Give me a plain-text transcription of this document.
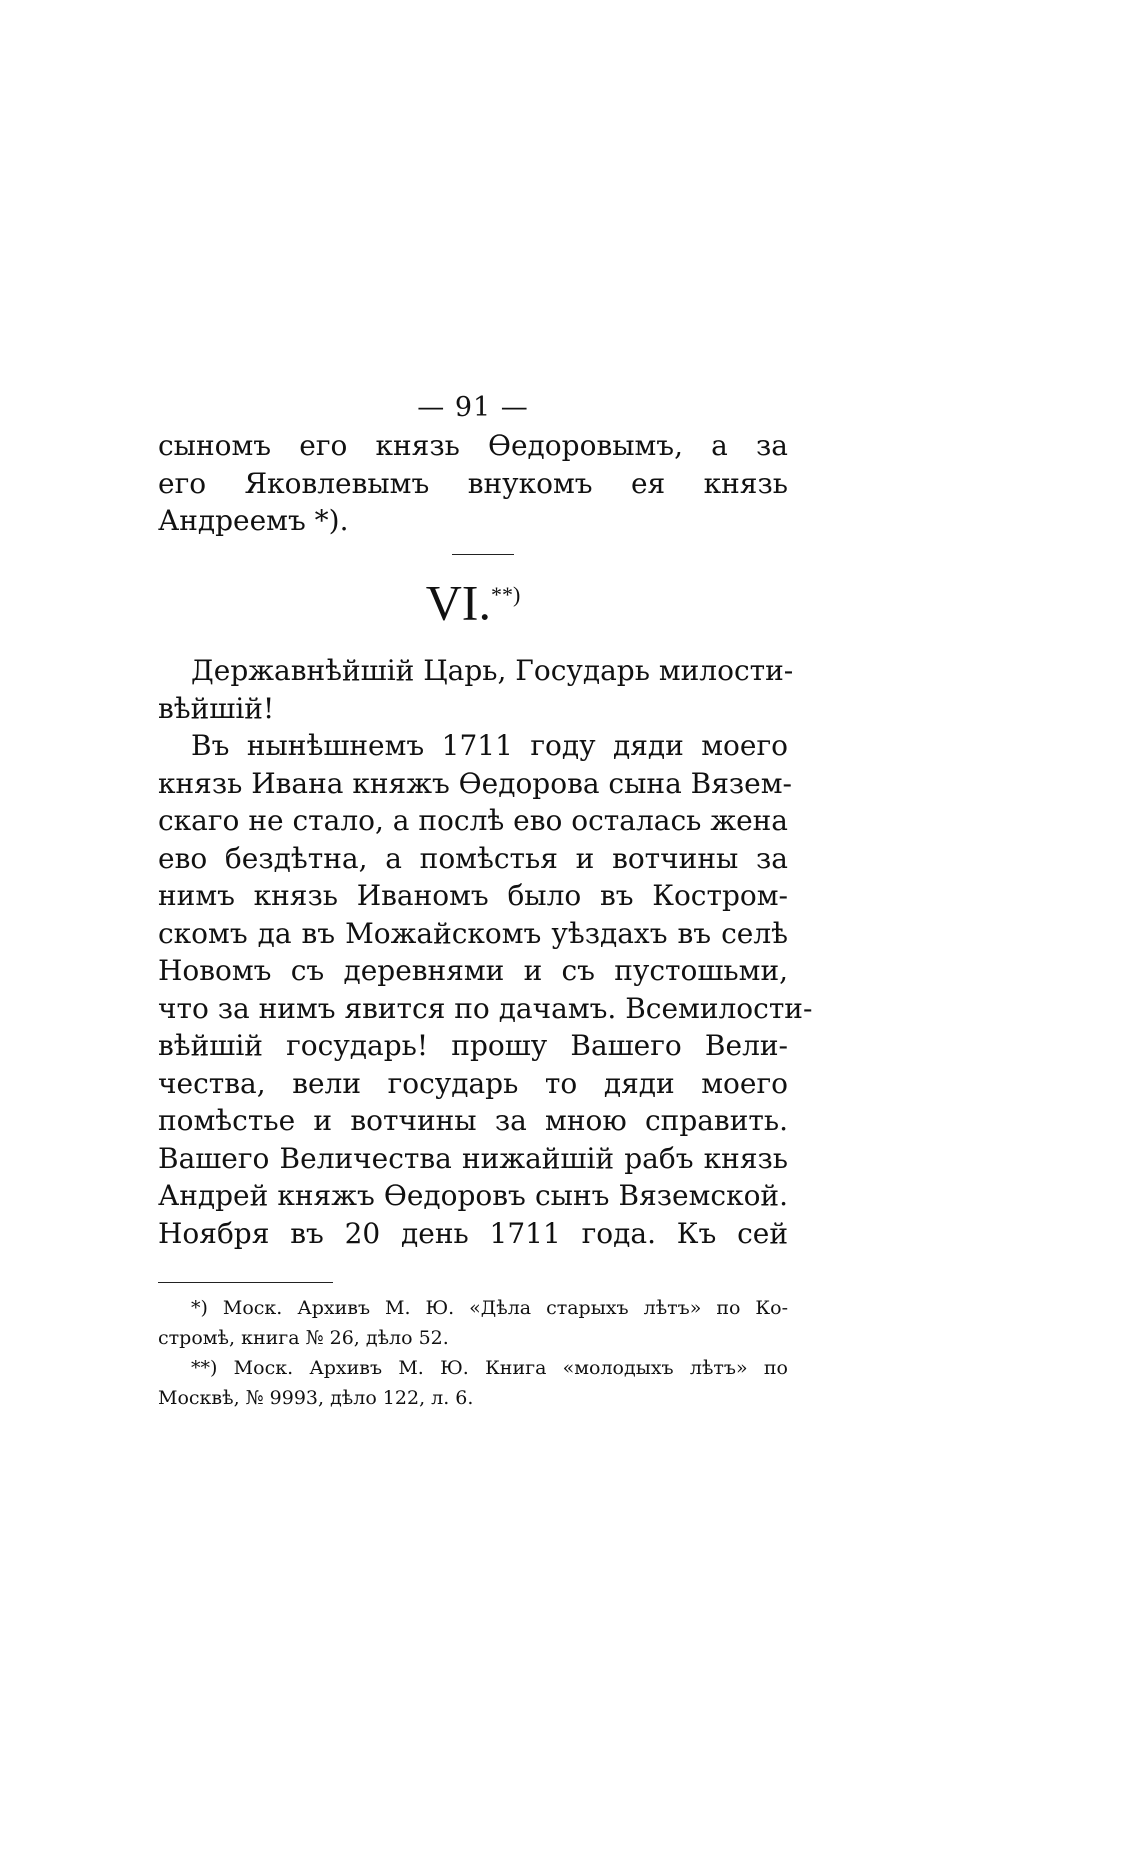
— 91 —
сыномъ его князь Ѳедоровымъ, а за
его Яковлевымъ внукомъ ея князь
Андреемъ *).
VI.**)
Державнѣйшій Царь, Государь милости-
вѣйшій!
Въ нынѣшнемъ 1711 году дяди моего
князь Ивана княжъ Ѳедорова сына Вязем-
скаго не стало, а послѣ ево осталась жена
ево бездѣтна, а помѣстья и вотчины за
нимъ князь Иваномъ было въ Костром-
скомъ да въ Можайскомъ уѣздахъ въ селѣ
Новомъ съ деревнями и съ пустошьми,
что за нимъ явится по дачамъ. Всемилости-
вѣйшій государь! прошу Вашего Вели-
чества, вели государь то дяди моего
помѣстье и вотчины за мною справить.
Вашего Величества нижайшій рабъ князь
Андрей княжъ Ѳедоровъ сынъ Вяземской.
Ноября въ 20 день 1711 года. Къ сей
*) Моск. Архивъ М. Ю. «Дѣла старыхъ лѣтъ» по Ко-
стромѣ, книга № 26, дѣло 52.
**) Моск. Архивъ М. Ю. Книга «молодыхъ лѣтъ» по
Москвѣ, № 9993, дѣло 122, л. 6.
